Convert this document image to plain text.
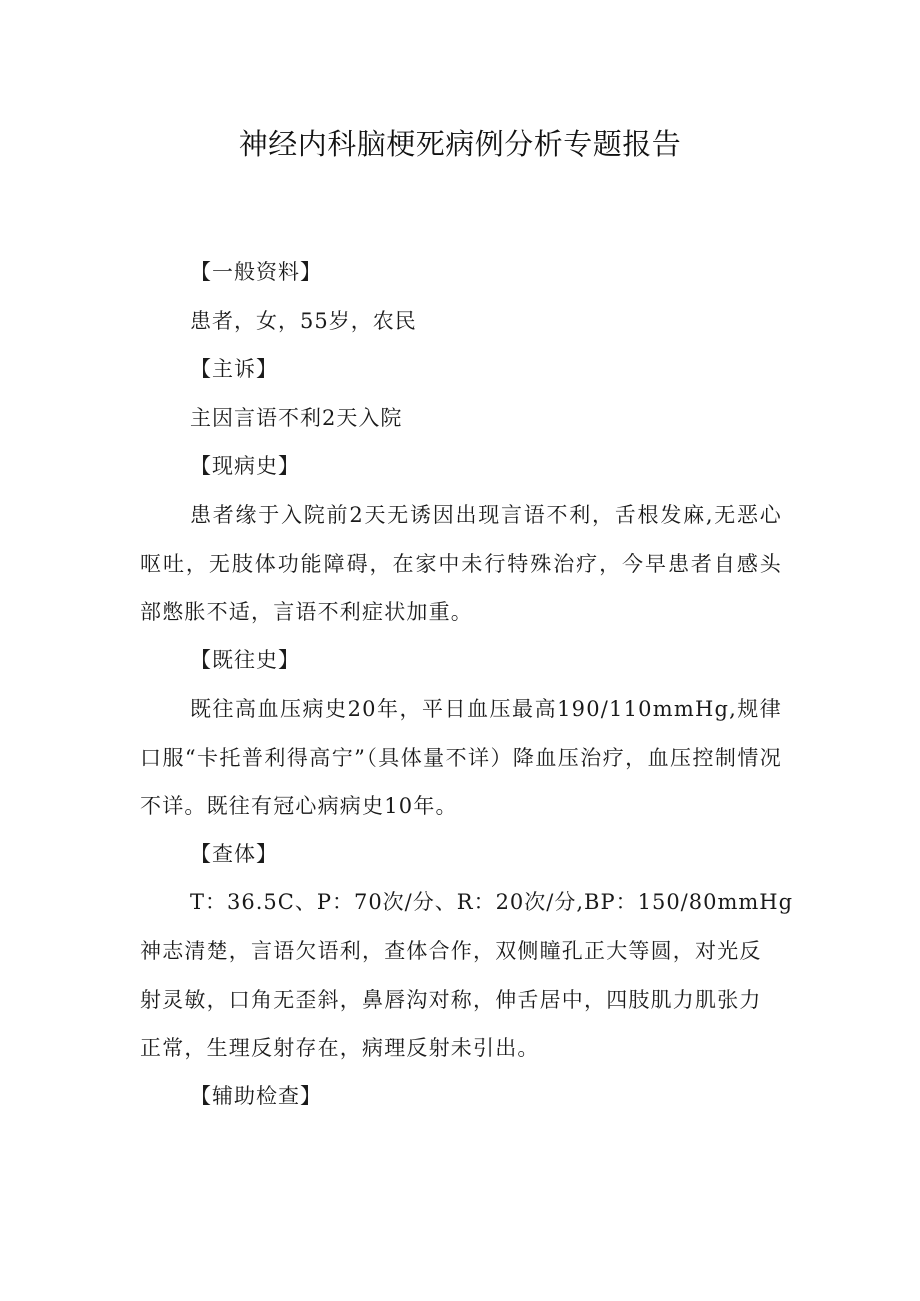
神经内科脑梗死病例分析专题报告
【一般资料】
患者，女，55岁，农民
【主诉】
主因言语不利2天入院
【现病史】
患者缘于入院前2天无诱因出现言语不利，舌根发麻,无恶心呕吐，无肢体功能障碍，在家中未行特殊治疗，今早患者自感头部憋胀不适，言语不利症状加重。
【既往史】
既往高血压病史20年，平日血压最高190/110mmHg,规律口服“卡托普利得高宁”（具体量不详）降血压治疗，血压控制情况不详。既往有冠心病病史10年。
【查体】
T：36.5C、P：70次/分、R：20次/分,BP：150/80mmHg
神志清楚，言语欠语利，查体合作，双侧瞳孔正大等圆，对光反射灵敏，口角无歪斜，鼻唇沟对称，伸舌居中，四肢肌力肌张力正常，生理反射存在，病理反射未引出。
【辅助检查】
